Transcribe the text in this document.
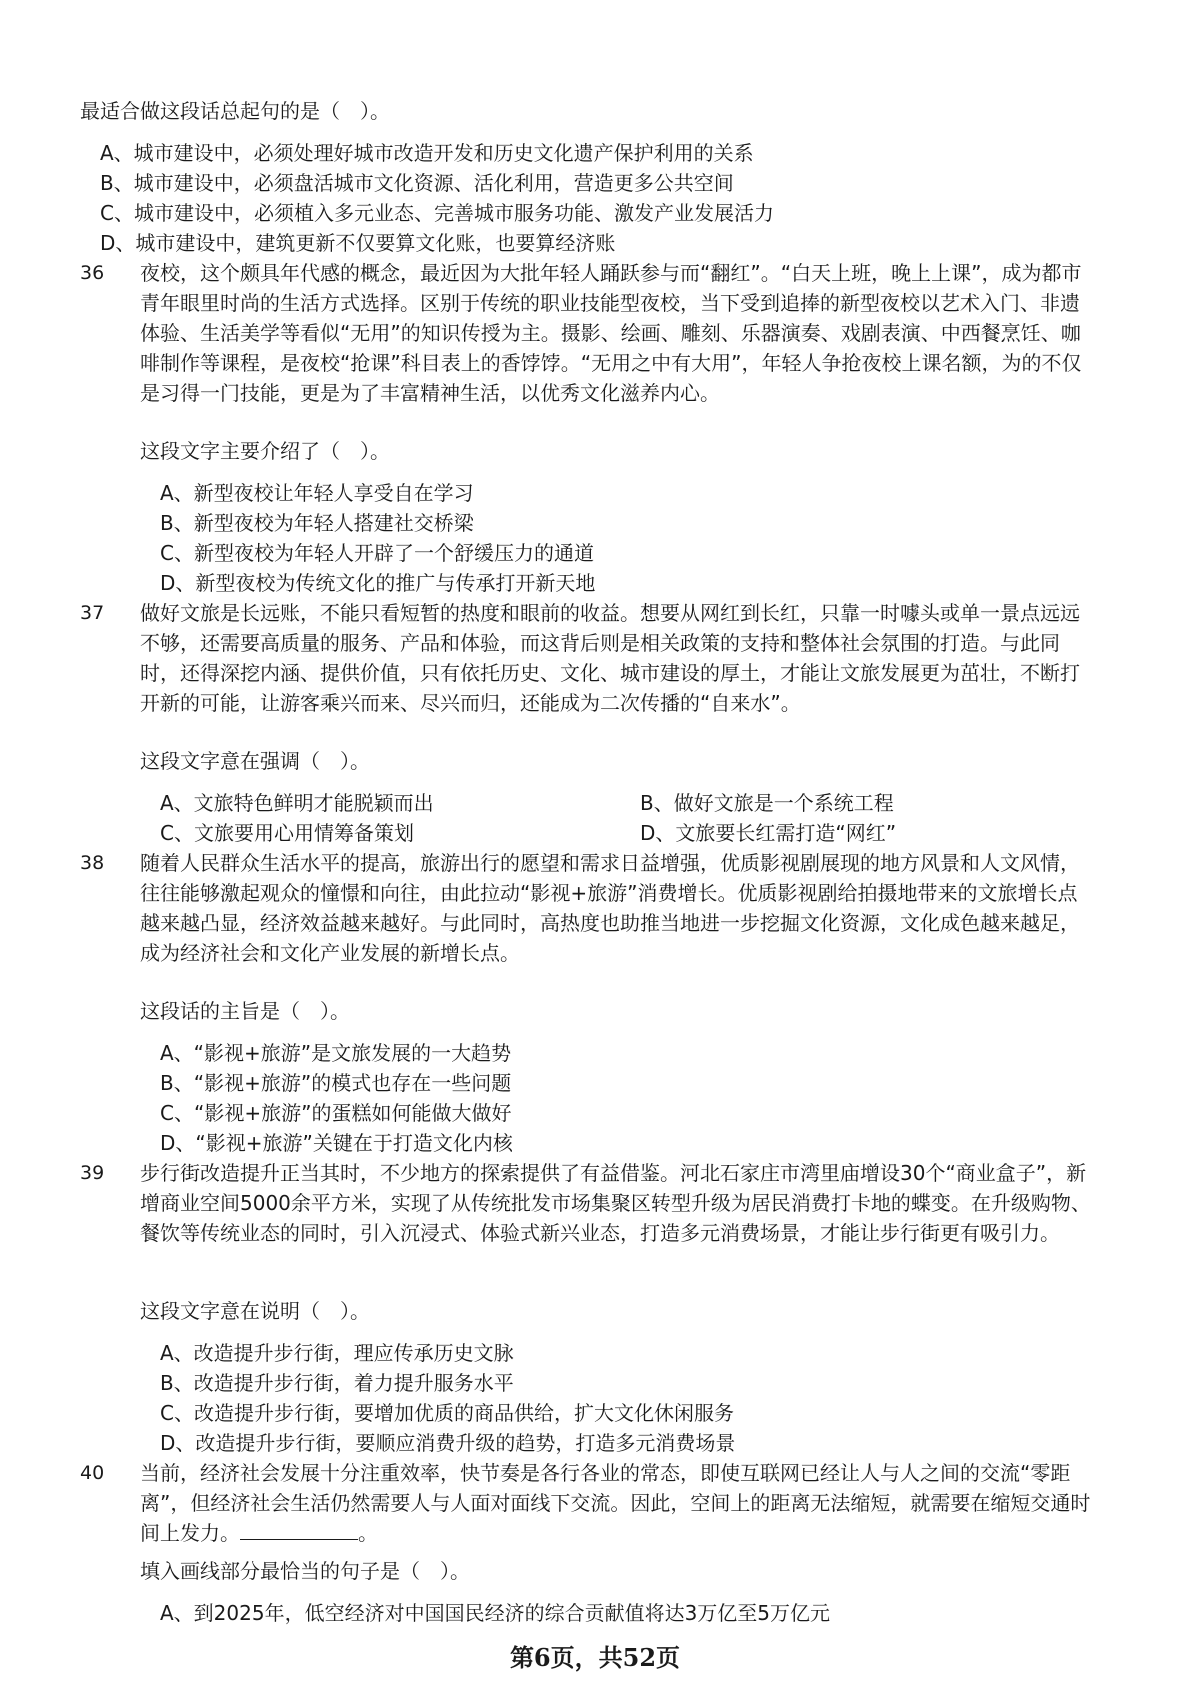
最适合做这段话总起句的是（　）。
A、城市建设中，必须处理好城市改造开发和历史文化遗产保护利用的关系
B、城市建设中，必须盘活城市文化资源、活化利用，营造更多公共空间
C、城市建设中，必须植入多元业态、完善城市服务功能、激发产业发展活力
D、城市建设中，建筑更新不仅要算文化账，也要算经济账
36 夜校，这个颇具年代感的概念，最近因为大批年轻人踊跃参与而“翻红”。“白天上班，晚上上课”，成为都市青年眼里时尚的生活方式选择。区别于传统的职业技能型夜校，当下受到追捧的新型夜校以艺术入门、非遗体验、生活美学等看似“无用”的知识传授为主。摄影、绘画、雕刻、乐器演奏、戏剧表演、中西餐烹饪、咖啡制作等课程，是夜校“抢课”科目表上的香饽饽。“无用之中有大用”，年轻人争抢夜校上课名额，为的不仅是习得一门技能，更是为了丰富精神生活，以优秀文化滋养内心。
这段文字主要介绍了（　）。
A、新型夜校让年轻人享受自在学习
B、新型夜校为年轻人搭建社交桥梁
C、新型夜校为年轻人开辟了一个舒缓压力的通道
D、新型夜校为传统文化的推广与传承打开新天地
37 做好文旅是长远账，不能只看短暂的热度和眼前的收益。想要从网红到长红，只靠一时噱头或单一景点远远不够，还需要高质量的服务、产品和体验，而这背后则是相关政策的支持和整体社会氛围的打造。与此同时，还得深挖内涵、提供价值，只有依托历史、文化、城市建设的厚土，才能让文旅发展更为茁壮，不断打开新的可能，让游客乘兴而来、尽兴而归，还能成为二次传播的“自来水”。
这段文字意在强调（　）。
A、文旅特色鲜明才能脱颖而出	B、做好文旅是一个系统工程
C、文旅要用心用情筹备策划	D、文旅要长红需打造“网红”
38 随着人民群众生活水平的提高，旅游出行的愿望和需求日益增强，优质影视剧展现的地方风景和人文风情，往往能够激起观众的憧憬和向往，由此拉动“影视+旅游”消费增长。优质影视剧给拍摄地带来的文旅增长点越来越凸显，经济效益越来越好。与此同时，高热度也助推当地进一步挖掘文化资源，文化成色越来越足，成为经济社会和文化产业发展的新增长点。
这段话的主旨是（　）。
A、“影视+旅游”是文旅发展的一大趋势
B、“影视+旅游”的模式也存在一些问题
C、“影视+旅游”的蛋糕如何能做大做好
D、“影视+旅游”关键在于打造文化内核
39 步行街改造提升正当其时，不少地方的探索提供了有益借鉴。河北石家庄市湾里庙增设30个“商业盒子”，新增商业空间5000余平方米，实现了从传统批发市场集聚区转型升级为居民消费打卡地的蝶变。在升级购物、餐饮等传统业态的同时，引入沉浸式、体验式新兴业态，打造多元消费场景，才能让步行街更有吸引力。
这段文字意在说明（　）。
A、改造提升步行街，理应传承历史文脉
B、改造提升步行街，着力提升服务水平
C、改造提升步行街，要增加优质的商品供给，扩大文化休闲服务
D、改造提升步行街，要顺应消费升级的趋势，打造多元消费场景
40 当前，经济社会发展十分注重效率，快节奏是各行各业的常态，即使互联网已经让人与人之间的交流“零距离”，但经济社会生活仍然需要人与人面对面线下交流。因此，空间上的距离无法缩短，就需要在缩短交通时间上发力。	。
填入画线部分最恰当的句子是（　）。
A、到2025年，低空经济对中国国民经济的综合贡献值将达3万亿至5万亿元
第6页，共52页
